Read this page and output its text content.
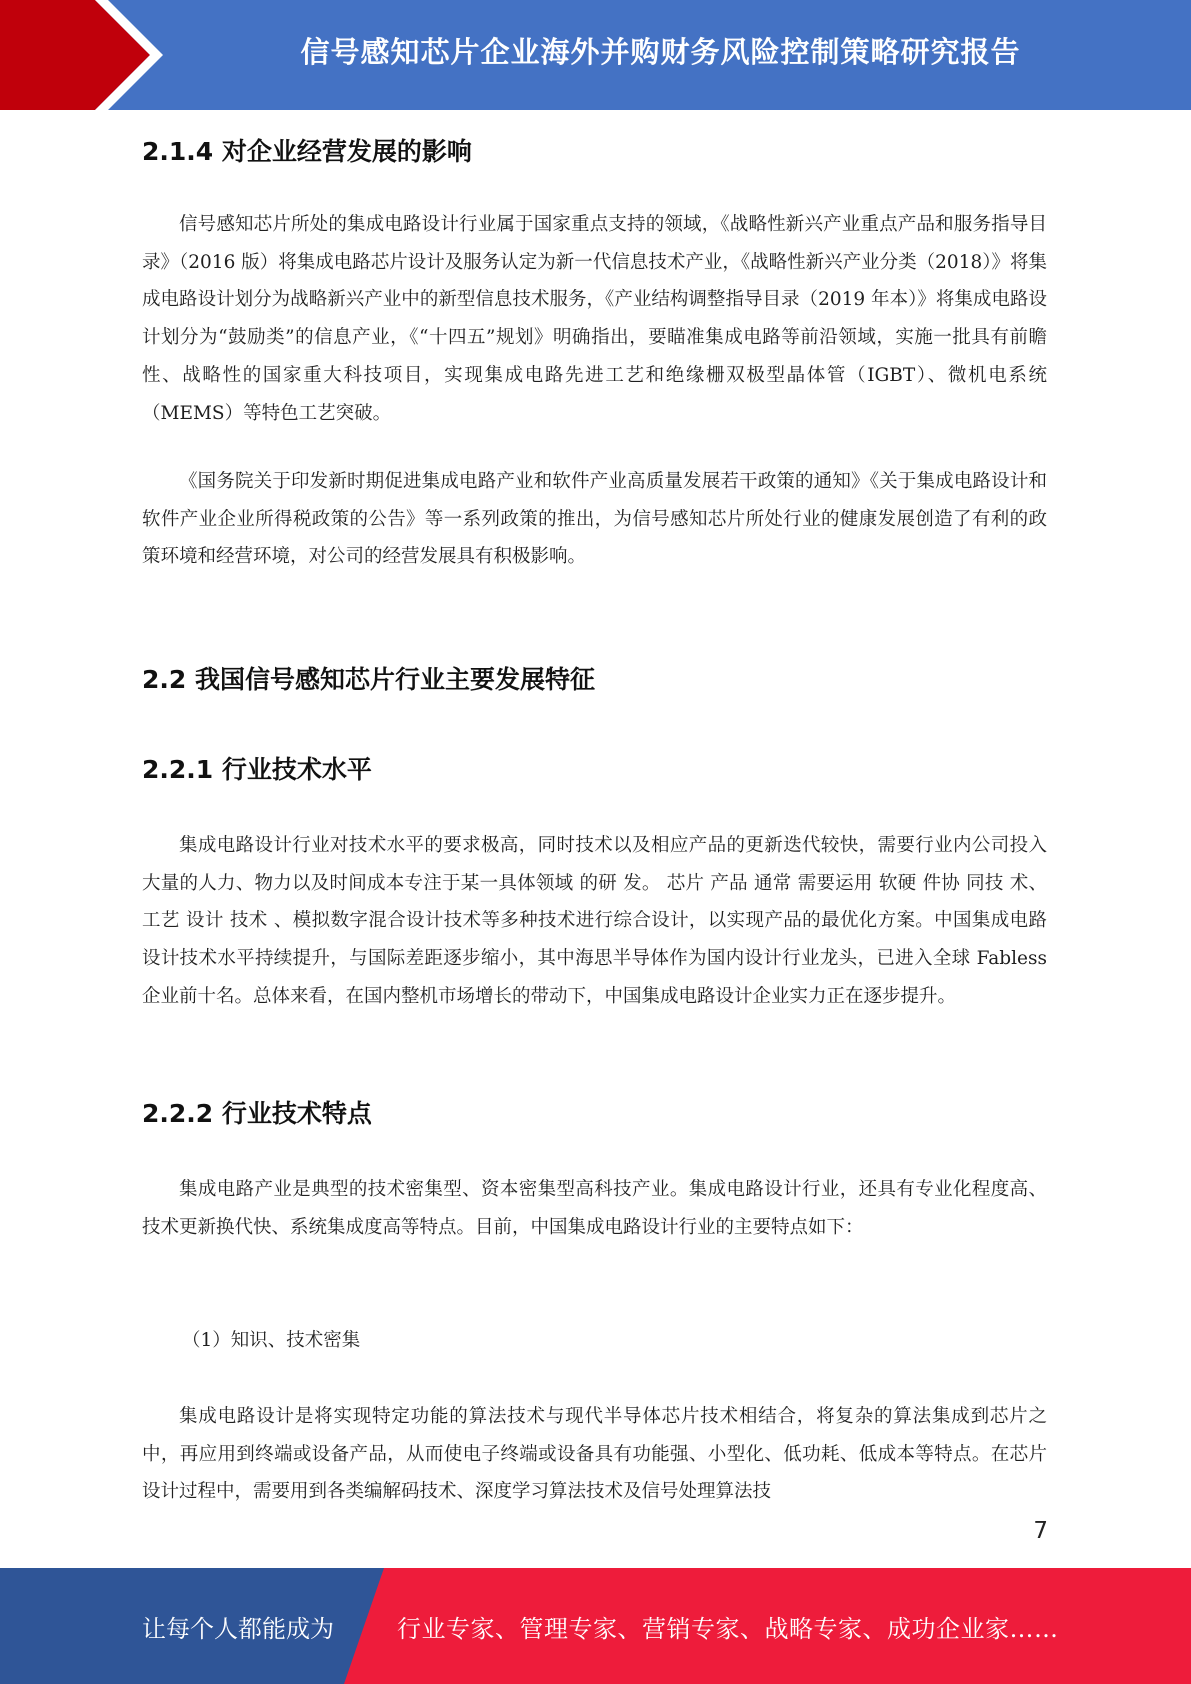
信号感知芯片企业海外并购财务风险控制策略研究报告
2.1.4 对企业经营发展的影响

信号感知芯片所处的集成电路设计行业属于国家重点支持的领域，《战略性新兴产业重点产品和服务指导目录》（2016 版）将集成电路芯片设计及服务认定为新一代信息技术产业，《战略性新兴产业分类（2018）》将集成电路设计划分为战略新兴产业中的新型信息技术服务，《产业结构调整指导目录（2019 年本）》将集成电路设计划分为“鼓励类”的信息产业，《“十四五”规划》明确指出，要瞄准集成电路等前沿领域，实施一批具有前瞻性、战略性的国家重大科技项目，实现集成电路先进工艺和绝缘栅双极型晶体管（IGBT）、微机电系统（MEMS）等特色工艺突破。

《国务院关于印发新时期促进集成电路产业和软件产业高质量发展若干政策的通知》《关于集成电路设计和软件产业企业所得税政策的公告》等一系列政策的推出，为信号感知芯片所处行业的健康发展创造了有利的政策环境和经营环境，对公司的经营发展具有积极影响。

2.2 我国信号感知芯片行业主要发展特征
2.2.1 行业技术水平

集成电路设计行业对技术水平的要求极高，同时技术以及相应产品的更新迭代较快，需要行业内公司投入大量的人力、物力以及时间成本专注于某一具体领域 的研 发。 芯片 产品 通常 需要运用 软硬 件协 同技 术、 工艺 设计 技术 、模拟数字混合设计技术等多种技术进行综合设计，以实现产品的最优化方案。中国集成电路设计技术水平持续提升，与国际差距逐步缩小，其中海思半导体作为国内设计行业龙头，已进入全球 Fabless 企业前十名。总体来看，在国内整机市场增长的带动下，中国集成电路设计企业实力正在逐步提升。

2.2.2 行业技术特点

集成电路产业是典型的技术密集型、资本密集型高科技产业。集成电路设计行业，还具有专业化程度高、技术更新换代快、系统集成度高等特点。目前，中国集成电路设计行业的主要特点如下：

（1）知识、技术密集

集成电路设计是将实现特定功能的算法技术与现代半导体芯片技术相结合，将复杂的算法集成到芯片之中，再应用到终端或设备产品，从而使电子终端或设备具有功能强、小型化、低功耗、低成本等特点。在芯片设计过程中，需要用到各类编解码技术、深度学习算法技术及信号处理算法技

7
让每个人都能成为	行业专家、管理专家、营销专家、战略专家、成功企业家……
